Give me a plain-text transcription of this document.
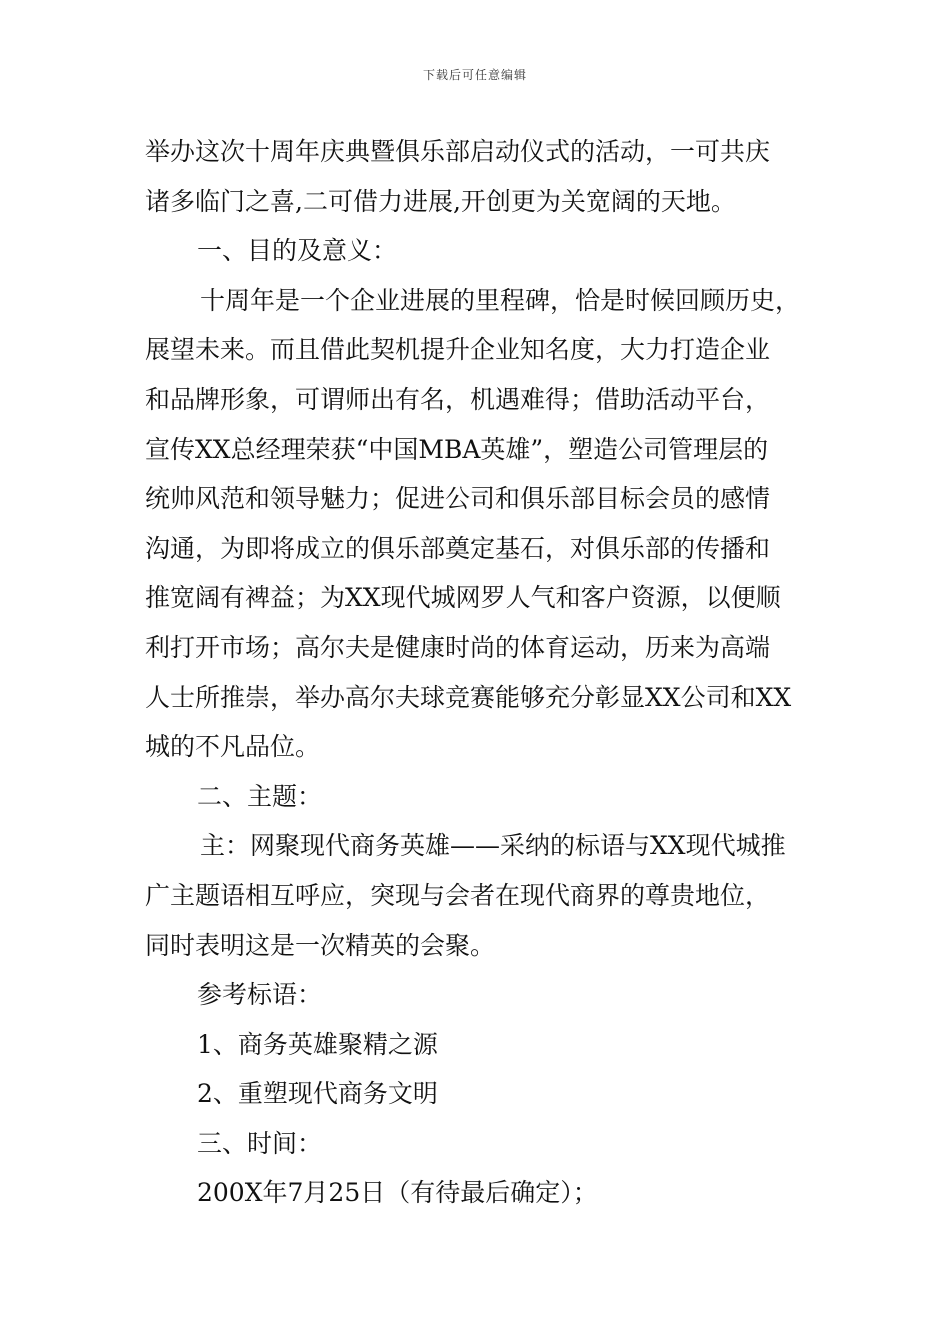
下载后可任意编辑
举办这次十周年庆典暨俱乐部启动仪式的活动，一可共庆
诸多临门之喜,二可借力进展,开创更为关宽阔的天地。
一、目的及意义：
十周年是一个企业进展的里程碑，恰是时候回顾历史，
展望未来。而且借此契机提升企业知名度，大力打造企业
和品牌形象，可谓师出有名，机遇难得；借助活动平台，
宣传XX总经理荣获“中国MBA英雄”，塑造公司管理层的
统帅风范和领导魅力；促进公司和俱乐部目标会员的感情
沟通，为即将成立的俱乐部奠定基石，对俱乐部的传播和
推宽阔有裨益；为XX现代城网罗人气和客户资源，以便顺
利打开市场；高尔夫是健康时尚的体育运动，历来为高端
人士所推崇，举办高尔夫球竞赛能够充分彰显XX公司和XX
城的不凡品位。
二、主题：
主：网聚现代商务英雄——采纳的标语与XX现代城推
广主题语相互呼应，突现与会者在现代商界的尊贵地位，
同时表明这是一次精英的会聚。
参考标语：
1、商务英雄聚精之源
2、重塑现代商务文明
三、时间：
200X年7月25日（有待最后确定）；
